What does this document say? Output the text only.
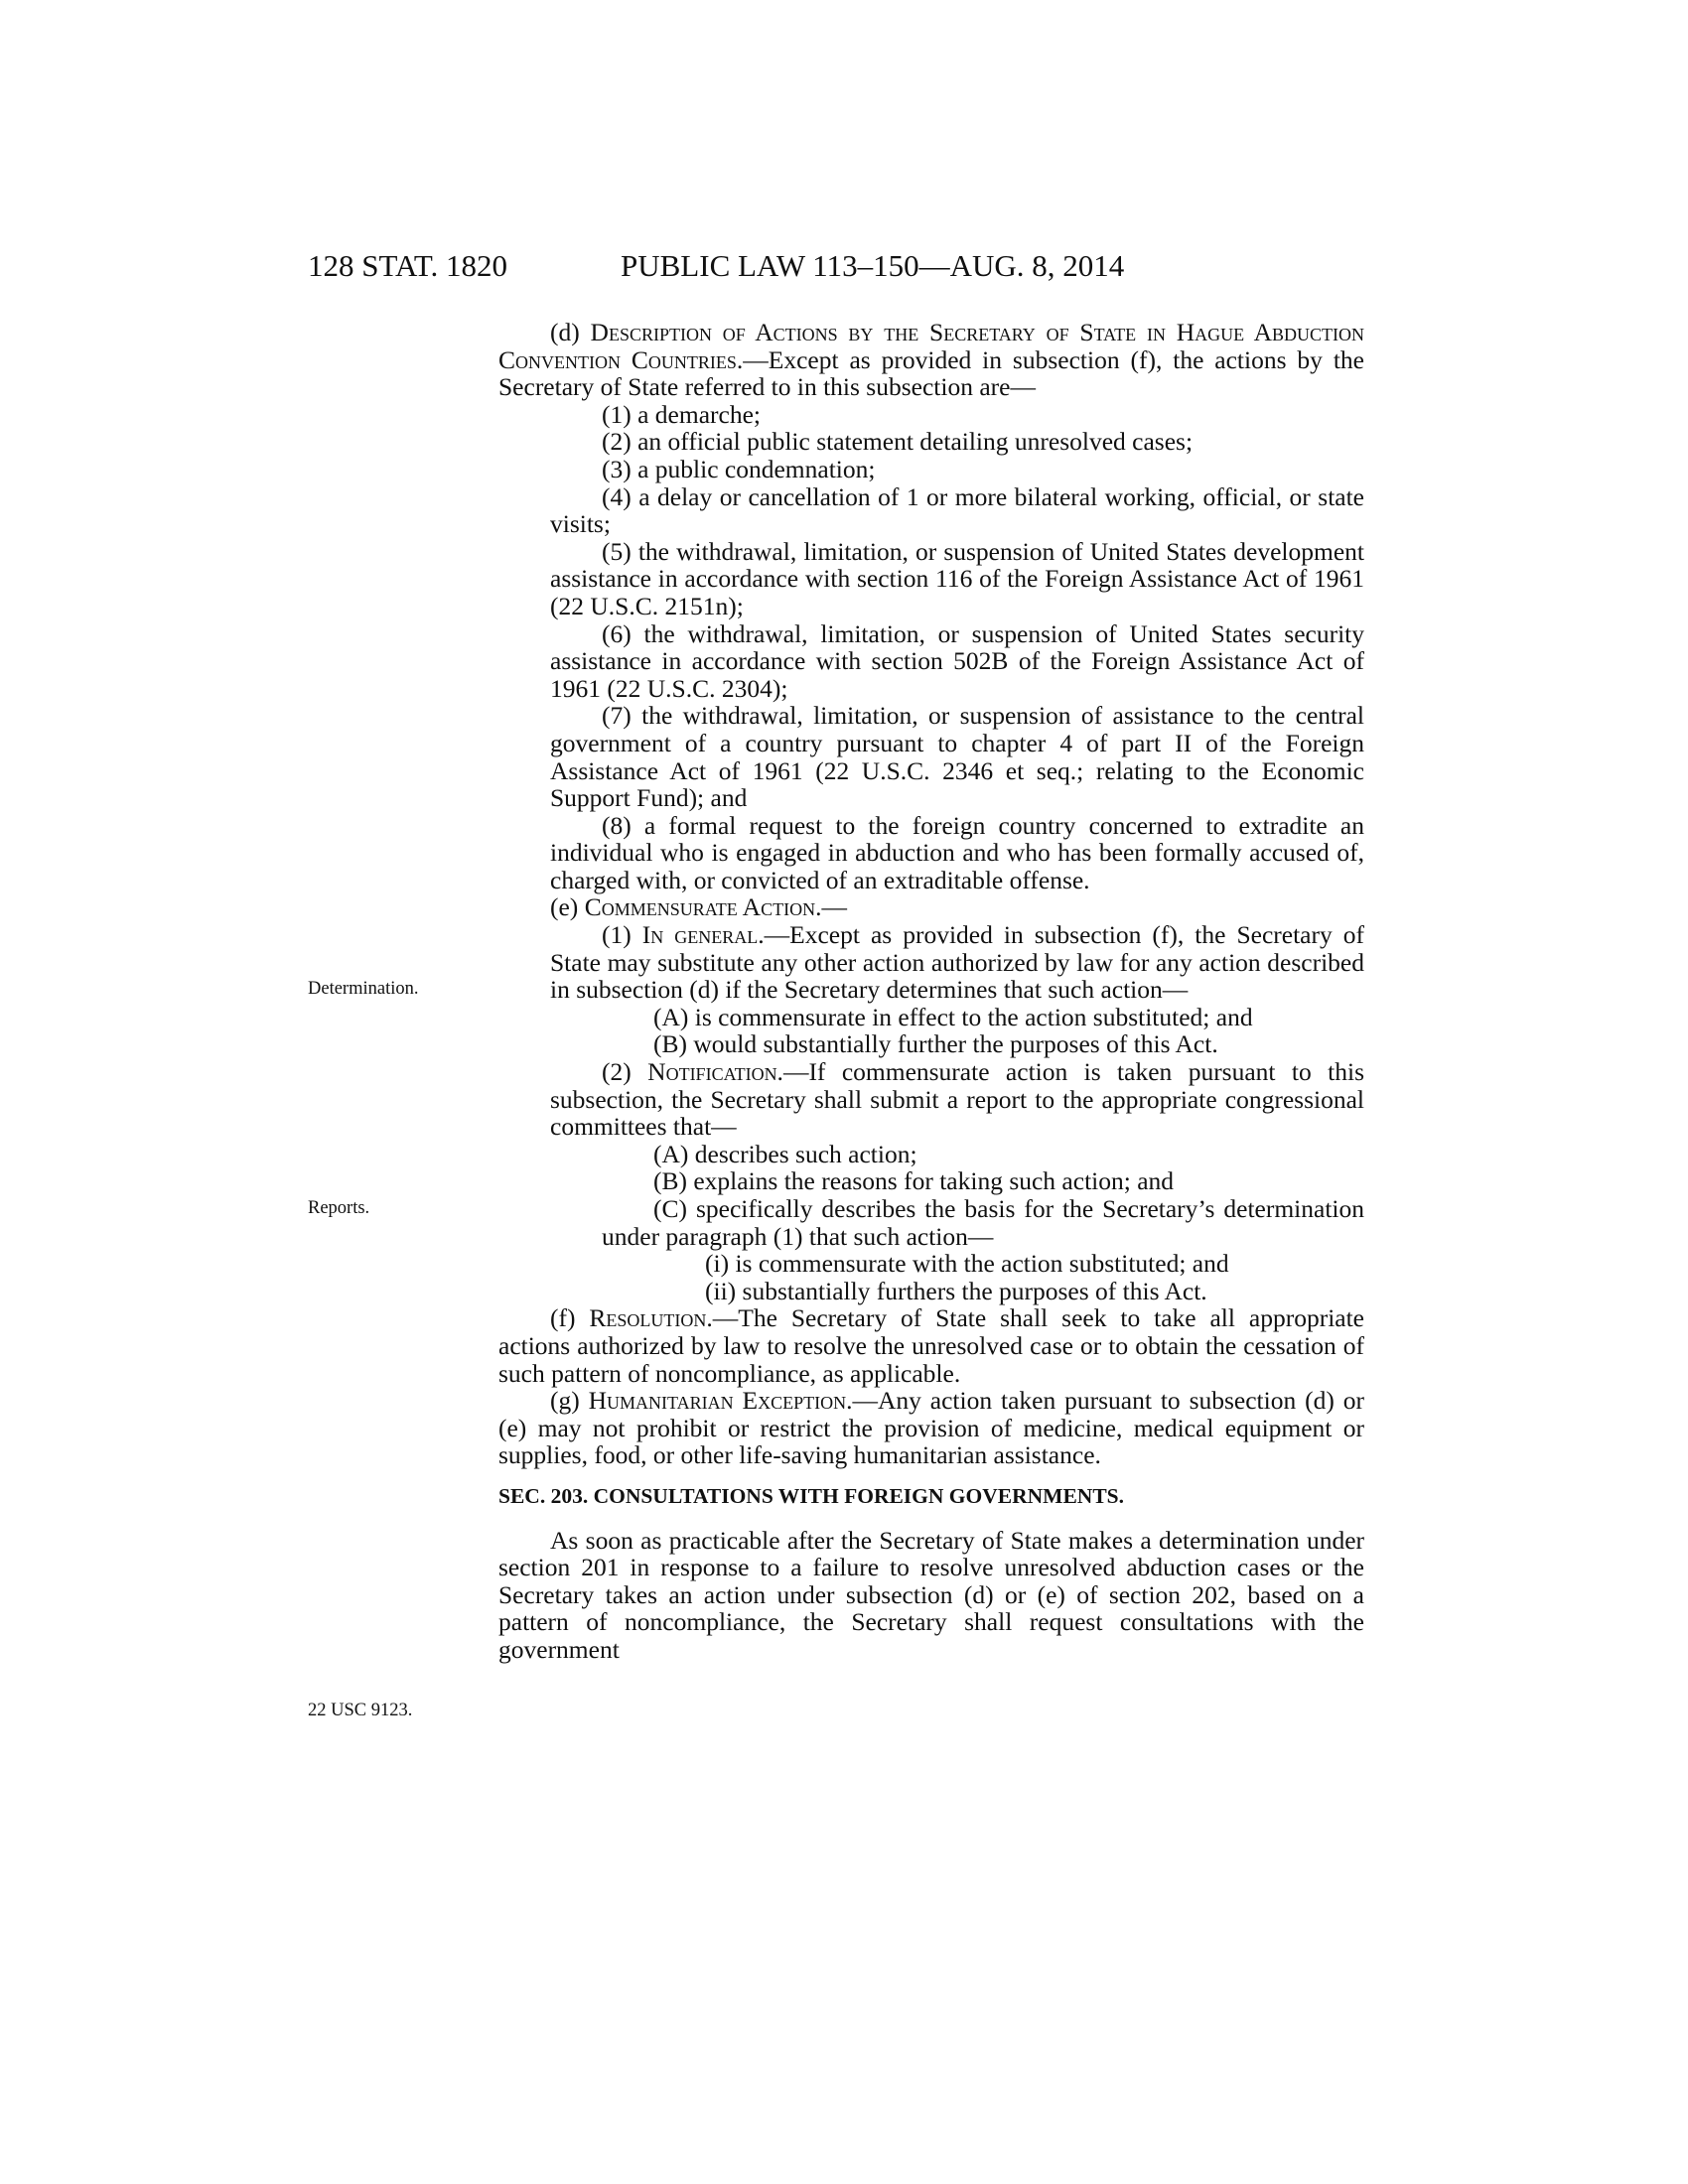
128 STAT. 1820	PUBLIC LAW 113–150—AUG. 8, 2014
Determination.
Reports.
22 USC 9123.

(d) Description of Actions by the Secretary of State in Hague Abduction Convention Countries.—Except as provided in subsection (f), the actions by the Secretary of State referred to in this subsection are—

(1) a demarche;

(2) an official public statement detailing unresolved cases;

(3) a public condemnation;

(4) a delay or cancellation of 1 or more bilateral working, official, or state visits;

(5) the withdrawal, limitation, or suspension of United States development assistance in accordance with section 116 of the Foreign Assistance Act of 1961 (22 U.S.C. 2151n);

(6) the withdrawal, limitation, or suspension of United States security assistance in accordance with section 502B of the Foreign Assistance Act of 1961 (22 U.S.C. 2304);

(7) the withdrawal, limitation, or suspension of assistance to the central government of a country pursuant to chapter 4 of part II of the Foreign Assistance Act of 1961 (22 U.S.C. 2346 et seq.; relating to the Economic Support Fund); and

(8) a formal request to the foreign country concerned to extradite an individual who is engaged in abduction and who has been formally accused of, charged with, or convicted of an extraditable offense.

(e) Commensurate Action.—

(1) In general.—Except as provided in subsection (f), the Secretary of State may substitute any other action authorized by law for any action described in subsection (d) if the Secretary determines that such action—

(A) is commensurate in effect to the action substituted; and

(B) would substantially further the purposes of this Act.

(2) Notification.—If commensurate action is taken pursuant to this subsection, the Secretary shall submit a report to the appropriate congressional committees that—

(A) describes such action;

(B) explains the reasons for taking such action; and

(C) specifically describes the basis for the Secretary’s determination under paragraph (1) that such action—

(i) is commensurate with the action substituted; and

(ii) substantially furthers the purposes of this Act.

(f) Resolution.—The Secretary of State shall seek to take all appropriate actions authorized by law to resolve the unresolved case or to obtain the cessation of such pattern of noncompliance, as applicable.

(g) Humanitarian Exception.—Any action taken pursuant to subsection (d) or (e) may not prohibit or restrict the provision of medicine, medical equipment or supplies, food, or other life-saving humanitarian assistance.

SEC. 203. CONSULTATIONS WITH FOREIGN GOVERNMENTS.

As soon as practicable after the Secretary of State makes a determination under section 201 in response to a failure to resolve unresolved abduction cases or the Secretary takes an action under subsection (d) or (e) of section 202, based on a pattern of noncompliance, the Secretary shall request consultations with the government
